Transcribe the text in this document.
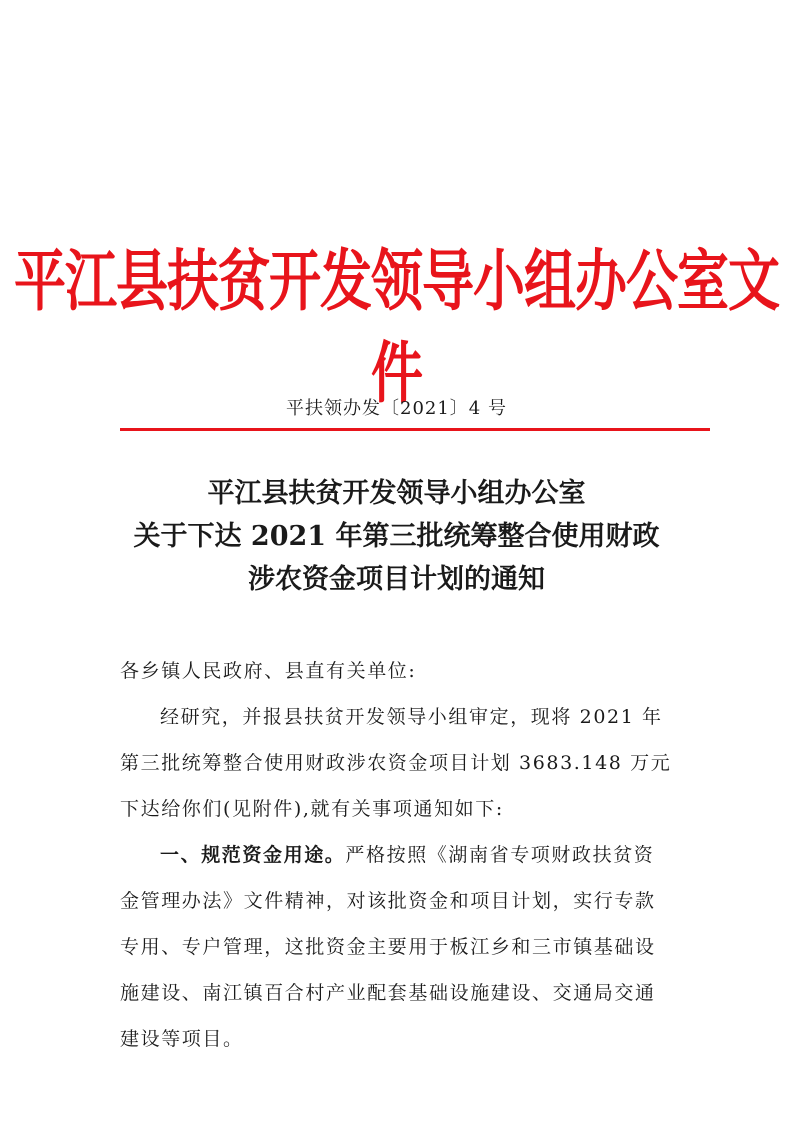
平江县扶贫开发领导小组办公室文件
平扶领办发〔2021〕4 号
平江县扶贫开发领导小组办公室
关于下达 2021 年第三批统筹整合使用财政
涉农资金项目计划的通知
各乡镇人民政府、县直有关单位:
经研究，并报县扶贫开发领导小组审定，现将 2021 年
第三批统筹整合使用财政涉农资金项目计划 3683.148 万元
下达给你们(见附件),就有关事项通知如下:
一、规范资金用途。严格按照《湖南省专项财政扶贫资
金管理办法》文件精神，对该批资金和项目计划，实行专款
专用、专户管理，这批资金主要用于板江乡和三市镇基础设
施建设、南江镇百合村产业配套基础设施建设、交通局交通
建设等项目。
